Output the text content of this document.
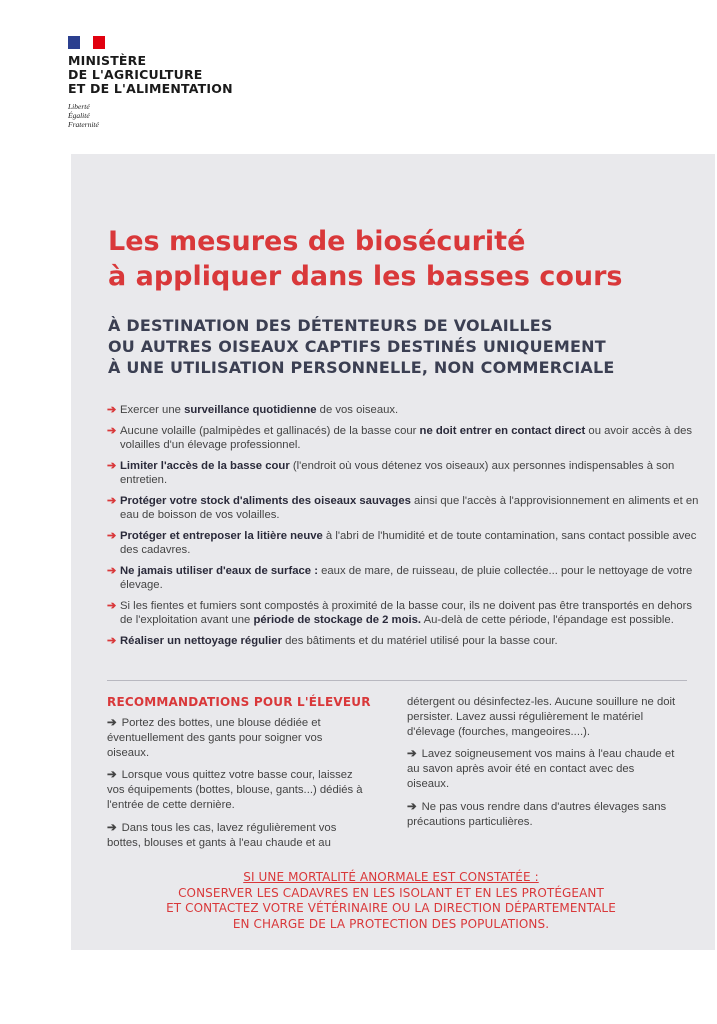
MINISTÈRE
DE L'AGRICULTURE
ET DE L'ALIMENTATION
Liberté
Égalité
Fraternité
Les mesures de biosécurité
à appliquer dans les basses cours
À DESTINATION DES DÉTENTEURS DE VOLAILLES
OU AUTRES OISEAUX CAPTIFS DESTINÉS UNIQUEMENT
À UNE UTILISATION PERSONNELLE, NON COMMERCIALE
➔ Exercer une surveillance quotidienne de vos oiseaux.
➔ Aucune volaille (palmipèdes et gallinacés) de la basse cour ne doit entrer en contact direct ou avoir accès à des volailles d'un élevage professionnel.
➔ Limiter l'accès de la basse cour (l'endroit où vous détenez vos oiseaux) aux personnes indispensables à son entretien.
➔ Protéger votre stock d'aliments des oiseaux sauvages ainsi que l'accès à l'approvisionnement en aliments et en eau de boisson de vos volailles.
➔ Protéger et entreposer la litière neuve à l'abri de l'humidité et de toute contamination, sans contact possible avec des cadavres.
➔ Ne jamais utiliser d'eaux de surface : eaux de mare, de ruisseau, de pluie collectée... pour le nettoyage de votre élevage.
➔ Si les fientes et fumiers sont compostés à proximité de la basse cour, ils ne doivent pas être transportés en dehors de l'exploitation avant une période de stockage de 2 mois. Au-delà de cette période, l'épandage est possible.
➔ Réaliser un nettoyage régulier des bâtiments et du matériel utilisé pour la basse cour.
RECOMMANDATIONS POUR L'ÉLEVEUR

➔ Portez des bottes, une blouse dédiée et éventuellement des gants pour soigner vos oiseaux.

➔ Lorsque vous quittez votre basse cour, laissez vos équipements (bottes, blouse, gants...) dédiés à l'entrée de cette dernière.

➔ Dans tous les cas, lavez régulièrement vos bottes, blouses et gants à l'eau chaude et au

détergent ou désinfectez-les. Aucune souillure ne doit persister. Lavez aussi régulièrement le matériel d'élevage (fourches, mangeoires....).

➔ Lavez soigneusement vos mains à l'eau chaude et au savon après avoir été en contact avec des oiseaux.

➔ Ne pas vous rendre dans d'autres élevages sans précautions particulières.

SI UNE MORTALITÉ ANORMALE EST CONSTATÉE :
CONSERVER LES CADAVRES EN LES ISOLANT ET EN LES PROTÉGEANT
ET CONTACTEZ VOTRE VÉTÉRINAIRE OU LA DIRECTION DÉPARTEMENTALE
EN CHARGE DE LA PROTECTION DES POPULATIONS.
